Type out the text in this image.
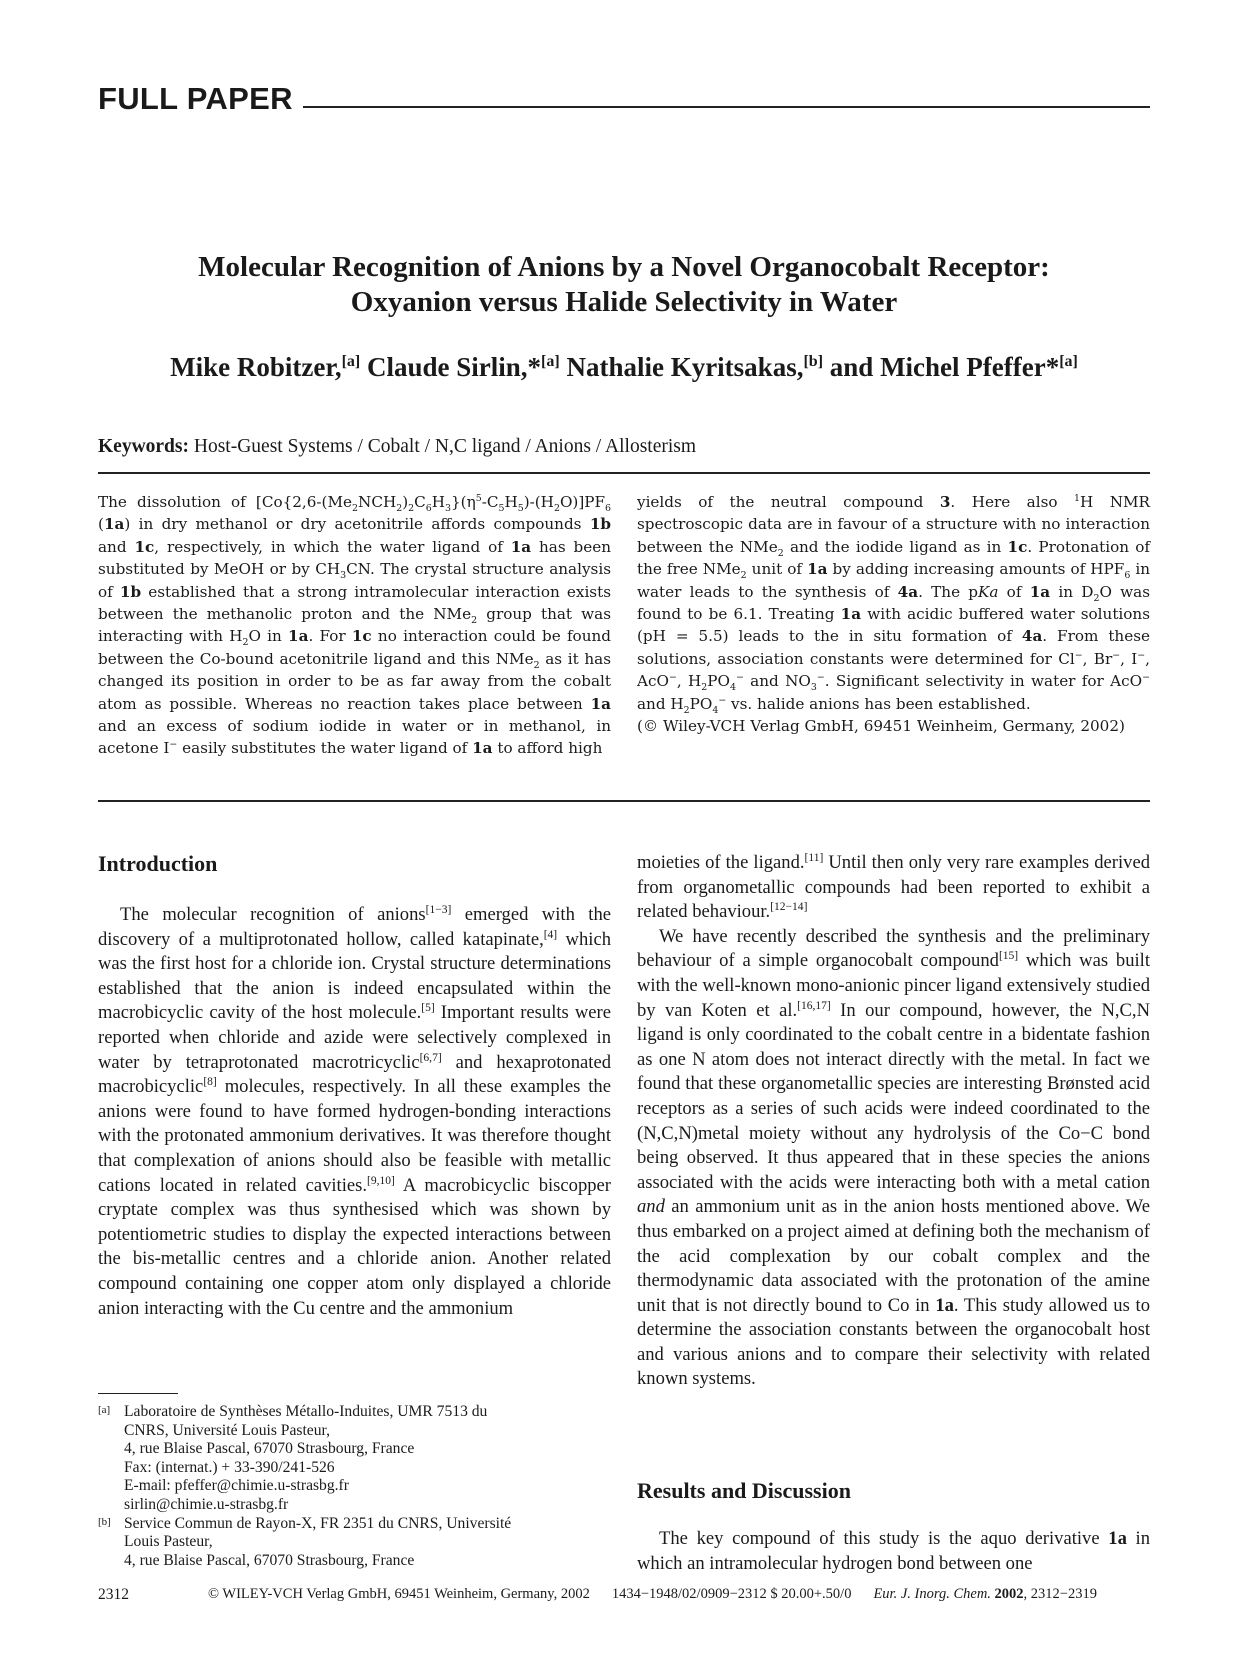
FULL PAPER
Molecular Recognition of Anions by a Novel Organocobalt Receptor:
Oxyanion versus Halide Selectivity in Water
Mike Robitzer,[a] Claude Sirlin,*[a] Nathalie Kyritsakas,[b] and Michel Pfeffer*[a]
Keywords: Host-Guest Systems / Cobalt / N,C ligand / Anions / Allosterism
The dissolution of $[Co\{2,6-(Me_2NCH_2)_2C_6H_3\}(\eta^5-C_5H_5)-(H_2O)]PF_6$ (1a) in dry methanol or dry acetonitrile affords compounds 1b and 1c, respectively, in which the water ligand of 1a has been substituted by MeOH or by $CH_3CN$. The crystal structure analysis of 1b established that a strong intramolecular interaction exists between the methanolic proton and the NMe$_2$ group that was interacting with $H_2O$ in 1a. For 1c no interaction could be found between the Co-bound acetonitrile ligand and this NMe$_2$ as it has changed its position in order to be as far away from the cobalt atom as possible. Whereas no reaction takes place between 1a and an excess of sodium iodide in water or in methanol, in acetone I− easily substitutes the water ligand of 1a to afford high
yields of the neutral compound 3. Here also $^1$H NMR spectroscopic data are in favour of a structure with no interaction between the NMe$_2$ and the iodide ligand as in 1c. Protonation of the free NMe$_2$ unit of 1a by adding increasing amounts of $HPF_6$ in water leads to the synthesis of 4a. The pKa of 1a in $D_2O$ was found to be 6.1. Treating 1a with acidic buffered water solutions (pH = 5.5) leads to the in situ formation of 4a. From these solutions, association constants were determined for Cl−, Br−, I−, AcO−, $H_2PO_4^-$ and $NO_3^-$. Significant selectivity in water for AcO− and $H_2PO_4^-$ vs. halide anions has been established.
(© Wiley-VCH Verlag GmbH, 69451 Weinheim, Germany, 2002)
Introduction

The molecular recognition of anions[1−3] emerged with the discovery of a multiprotonated hollow, called katapinate,[4] which was the first host for a chloride ion. Crystal structure determinations established that the anion is indeed encapsulated within the macrobicyclic cavity of the host molecule.[5] Important results were reported when chloride and azide were selectively complexed in water by tetraprotonated macrotricyclic[6,7] and hexaprotonated macrobicyclic[8] molecules, respectively. In all these examples the anions were found to have formed hydrogen-bonding interactions with the protonated ammonium derivatives. It was therefore thought that complexation of anions should also be feasible with metallic cations located in related cavities.[9,10] A macrobicyclic biscopper cryptate complex was thus synthesised which was shown by potentiometric studies to display the expected interactions between the bis-metallic centres and a chloride anion. Another related compound containing one copper atom only displayed a chloride anion interacting with the Cu centre and the ammonium

moieties of the ligand.[11] Until then only very rare examples derived from organometallic compounds had been reported to exhibit a related behaviour.[12−14]

We have recently described the synthesis and the preliminary behaviour of a simple organocobalt compound[15] which was built with the well-known mono-anionic pincer ligand extensively studied by van Koten et al.[16,17] In our compound, however, the N,C,N ligand is only coordinated to the cobalt centre in a bidentate fashion as one N atom does not interact directly with the metal. In fact we found that these organometallic species are interesting Brønsted acid receptors as a series of such acids were indeed coordinated to the (N,C,N)metal moiety without any hydrolysis of the Co−C bond being observed. It thus appeared that in these species the anions associated with the acids were interacting both with a metal cation and an ammonium unit as in the anion hosts mentioned above. We thus embarked on a project aimed at defining both the mechanism of the acid complexation by our cobalt complex and the thermodynamic data associated with the protonation of the amine unit that is not directly bound to Co in 1a. This study allowed us to determine the association constants between the organocobalt host and various anions and to compare their selectivity with related known systems.

Results and Discussion

The key compound of this study is the aquo derivative 1a in which an intramolecular hydrogen bond between one

[a] Laboratoire de Synthèses Métallo-Induites, UMR 7513 du
CNRS, Université Louis Pasteur,
4, rue Blaise Pascal, 67070 Strasbourg, France
Fax: (internat.) + 33-390/241-526
E-mail: pfeffer@chimie.u-strasbg.fr
sirlin@chimie.u-strasbg.fr
[b] Service Commun de Rayon-X, FR 2351 du CNRS, Université
Louis Pasteur,
4, rue Blaise Pascal, 67070 Strasbourg, France
2312	© WILEY-VCH Verlag GmbH, 69451 Weinheim, Germany, 2002 1434−1948/02/0909−2312 $ 20.00+.50/0 Eur. J. Inorg. Chem. 2002, 2312−2319
